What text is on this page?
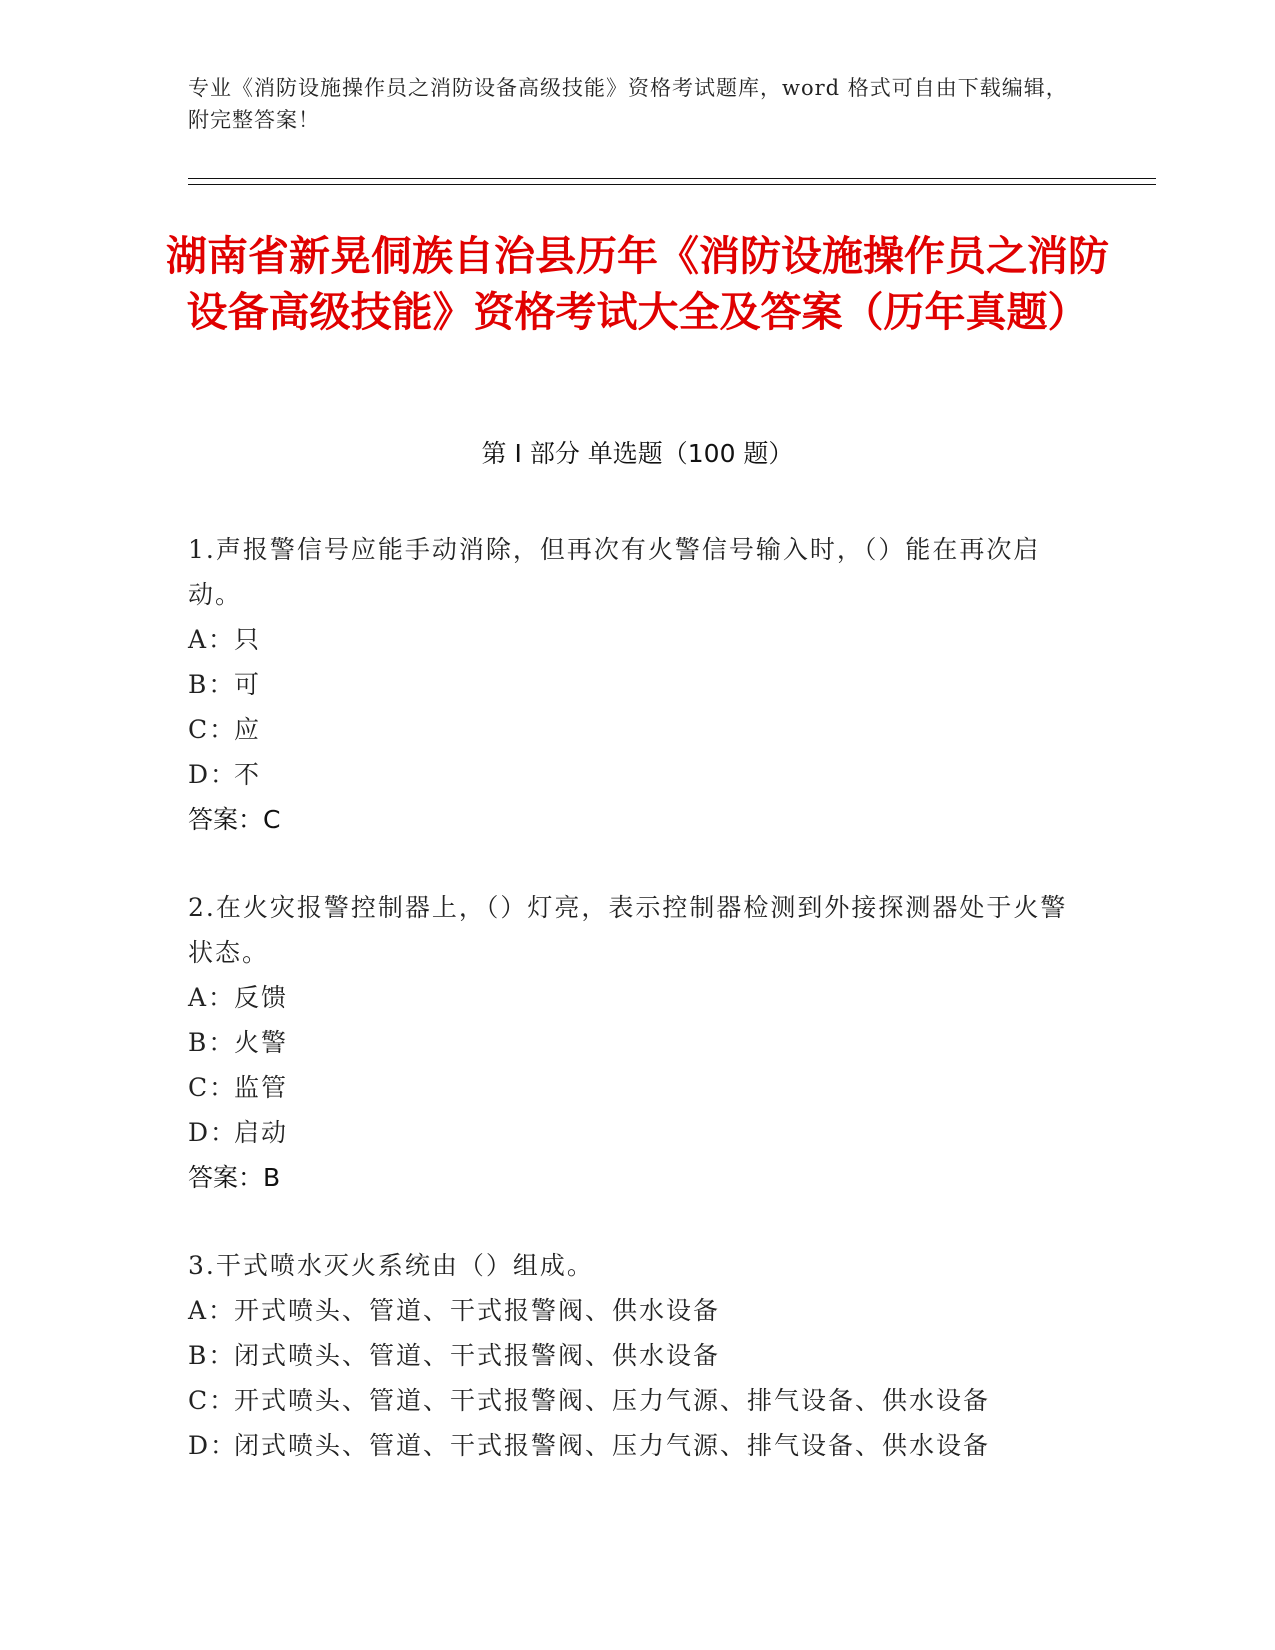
专业《消防设施操作员之消防设备高级技能》资格考试题库，word 格式可自由下载编辑，附完整答案！
湖南省新晃侗族自治县历年《消防设施操作员之消防设备高级技能》资格考试大全及答案（历年真题）
第 I 部分 单选题（100 题）

1.声报警信号应能手动消除，但再次有火警信号输入时，（）能在再次启动。

A：只

B：可

C：应

D：不

答案：C

2.在火灾报警控制器上，（）灯亮，表示控制器检测到外接探测器处于火警状态。

A：反馈

B：火警

C：监管

D：启动

答案：B

3.干式喷水灭火系统由（）组成。

A：开式喷头、管道、干式报警阀、供水设备

B：闭式喷头、管道、干式报警阀、供水设备

C：开式喷头、管道、干式报警阀、压力气源、排气设备、供水设备

D：闭式喷头、管道、干式报警阀、压力气源、排气设备、供水设备
